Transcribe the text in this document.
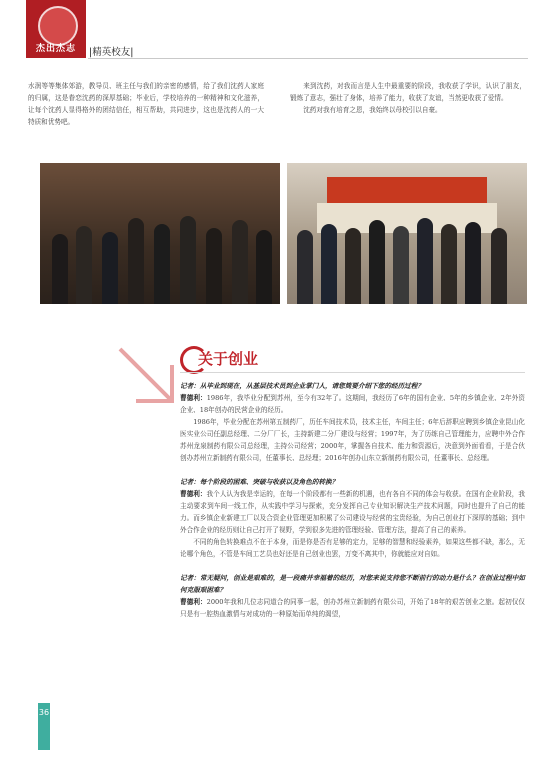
杰出杰志	|精英校友|

水润等等集体郊游，教导员、班主任与我们的亲密的感情，给了我们沈药人家庭的归属，这是眷恋沈药的深厚基础；毕业后，学校培养的一种精神和文化滋养，让每个沈药人显得格外的团结信任，相互帮助，共同进步，这也是沈药人的一大特质和优势吧。

来到沈药，对我而言是人生中最重要的阶段，我收获了学识，认识了朋友，锻炼了意志，强壮了身体，培养了能力，收获了友谊，当然更收获了爱情。

沈药对我有培育之恩，我始终以母校引以自豪。

关于创业

记者：从毕业到现在，从基层技术员到企业掌门人，请您简要介绍下您的经历过程？

曹德利：1986年，我毕业分配到苏州，至今有32年了。这期间，我经历了6年的国有企业、5年的乡镇企业、2年外资企业、18年创办的民营企业的经历。

1986年，毕业分配在苏州第五制药厂，历任车间技术员，技术主任，车间主任；6年后辞职应聘到乡镇企业昆山化医实业公司任副总经理、二分厂厂长，主持新建二分厂建设与经营；1997年，为了历练自己管理能力，应聘中外合作苏州龙泉制药有限公司总经理，主持公司经营；2000年，掌握各自技术、能力和资源后，决意到外面看看，于是合伙创办苏州立新制药有限公司，任董事长、总经理；2016年创办山东立新制药有限公司，任董事长、总经理。

记者：每个阶段的困难、突破与收获以及角色的转换？

曹德利：我个人认为我是幸运的，在每一个阶段都有一些新的机遇，也有各自不同的体会与收获。在国有企业阶段，我主动要求到车间一线工作，从实践中学习与探索，充分发挥自己专业知识解决生产技术问题，同时也提升了自己的能力。而乡镇企业新建工厂以及合资企业管理更加积累了公司建设与经营的宝贵经验，为自己创业打下深厚的基础；到中外合作企业的经历则让自己打开了视野，学到很多先进的管理经验、管理方法，提高了自己的素养。

不同的角色转换难点不在于本身，而是你是否有足够的定力，足够的智慧和经验素养，如果这些都不缺，那么，无论哪个角色，不管是车间工艺员也好还是自己创业也罢，万变不离其中，你就能应对自如。

记者：常无疑问，创业是艰难的，是一段痛并幸福着的经历，对您来说支持您不断前行的动力是什么？在创业过程中如何克服艰困难？

曹德利：2000年我和几位志同道合的同事一起，创办苏州立新制药有限公司，开始了18年的艰苦创业之旅。起初仅仅只是有一腔热血激情与对成功的一种原始而单纯的渴望，

36
